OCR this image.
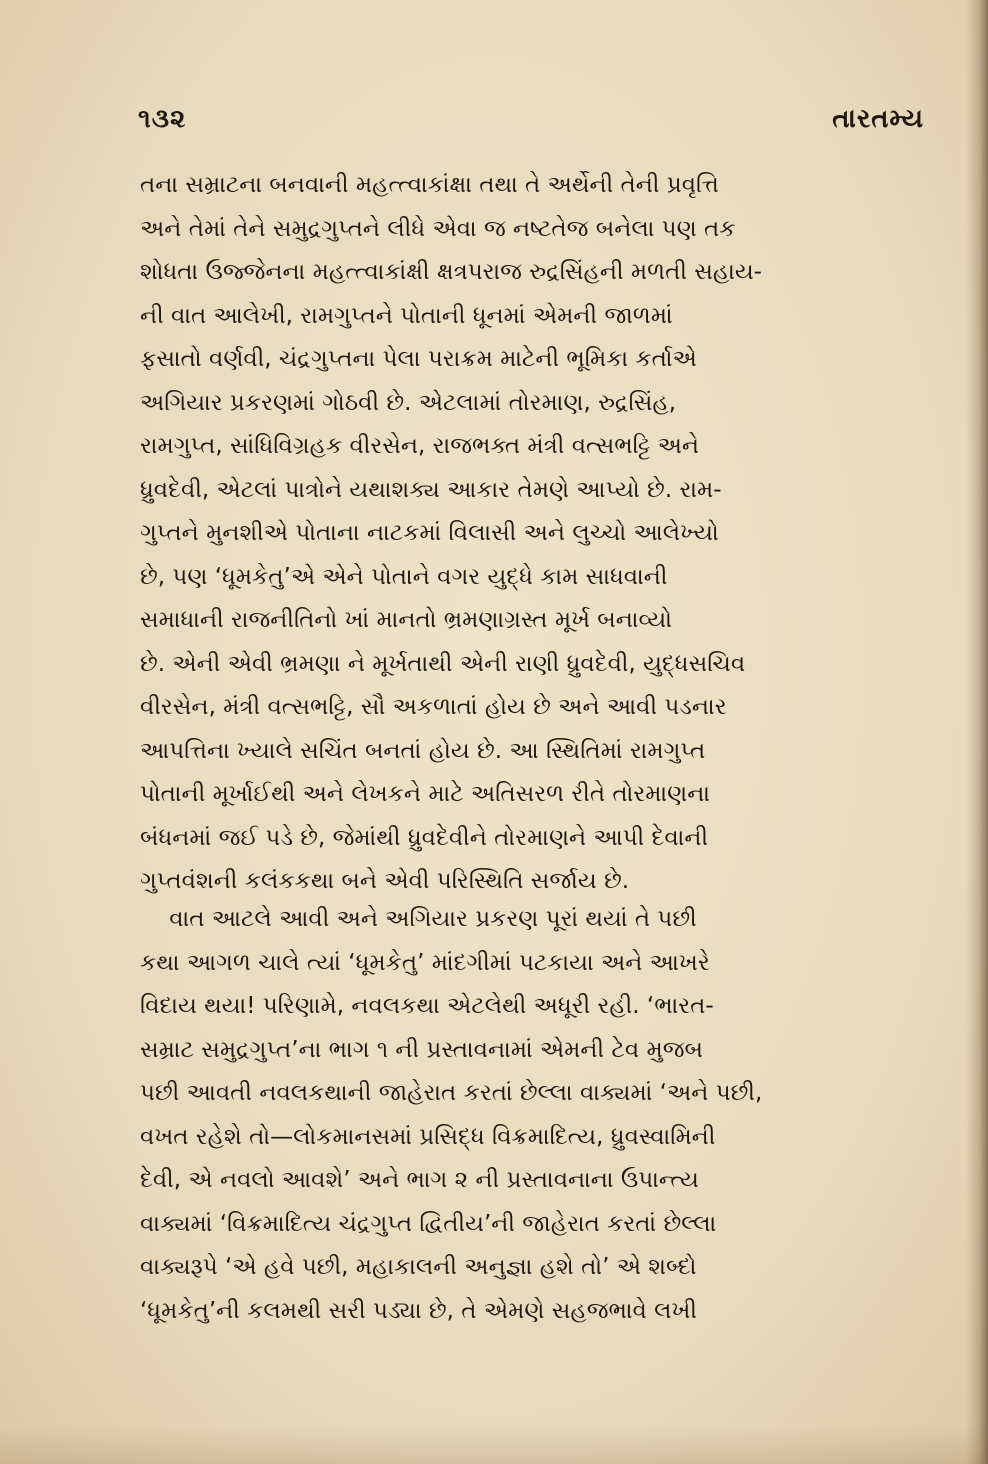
૧૩૨	તારતમ્ય
તના સમ્રાટના બનવાની મહત્ત્વાકાંક્ષા તથા તે અર્થેની તેની પ્રવૃત્તિ
અને તેમાં તેને સમુદ્રગુપ્તને લીધે એવા જ નષ્ટતેજ બનેલા પણ તક
શોધતા ઉજ્જેનના મહત્ત્વાકાંક્ષી ક્ષત્રપરાજ રુદ્રસિંહની મળતી સહાય-
ની વાત આલેખી, રામગુપ્તને પોતાની ધૂનમાં એમની જાળમાં
ફસાતો વર્ણવી, ચંદ્રગુપ્તના પેલા પરાક્રમ માટેની ભૂમિકા કર્તાએ
અગિયાર પ્રકરણમાં ગોઠવી છે. એટલામાં તોરમાણ, રુદ્રસિંહ,
રામગુપ્ત, સાંધિવિગ્રહક વીરસેન, રાજભક્ત મંત્રી વત્સભટ્ટિ અને
ધ્રુવદેવી, એટલાં પાત્રોને યથાશક્ય આકાર તેમણે આપ્યો છે. રામ-
ગુપ્તને મુનશીએ પોતાના નાટકમાં વિલાસી અને લુચ્ચો આલેખ્યો
છે, પણ ‘ધૂમકેતુ’એ એને પોતાને વગર યુદ્ધે કામ સાધવાની
સમાધાની રાજનીતિનો ખાં માનતો ભ્રમણાગ્રસ્ત મૂર્ખ બનાવ્યો
છે. એની એવી ભ્રમણા ને મૂર્ખતાથી એની રાણી ધ્રુવદેવી, યુદ્ધસચિવ
વીરસેન, મંત્રી વત્સભટ્ટિ, સૌ અકળાતાં હોય છે અને આવી પડનાર
આપત્તિના ખ્યાલે સચિંત બનતાં હોય છે. આ સ્થિતિમાં રામગુપ્ત
પોતાની મૂર્ખાઈથી અને લેખકને માટે અતિસરળ રીતે તોરમાણના
બંધનમાં જઈ પડે છે, જેમાંથી ધ્રુવદેવીને તોરમાણને આપી દેવાની
ગુપ્તવંશની કલંકકથા બને એવી પરિસ્થિતિ સર્જાય છે.
વાત આટલે આવી અને અગિયાર પ્રકરણ પૂરાં થયાં તે પછી
કથા આગળ ચાલે ત્યાં ‘ધૂમકેતુ’ માંદગીમાં પટકાયા અને આખરે
વિદાય થયા! પરિણામે, નવલકથા એટલેથી અધૂરી રહી. ‘ભારત-
સમ્રાટ સમુદ્રગુપ્ત’ના ભાગ ૧ ની પ્રસ્તાવનામાં એમની ટેવ મુજબ
પછી આવતી નવલકથાની જાહેરાત કરતાં છેલ્લા વાક્યમાં ‘અને પછી,
વખત રહેશે તો—લોકમાનસમાં પ્રસિદ્ધ વિક્રમાદિત્ય, ધ્રુવસ્વામિની
દેવી, એ નવલો આવશે’ અને ભાગ ૨ ની પ્રસ્તાવનાના ઉપાન્ત્ય
વાક્યમાં ‘વિક્રમાદિત્ય ચંદ્રગુપ્ત દ્વિતીય’ની જાહેરાત કરતાં છેલ્લા
વાક્યરૂપે ‘એ હવે પછી, મહાકાલની અનુજ્ઞા હશે તો’ એ શબ્દો
‘ધૂમકેતુ’ની કલમથી સરી પડ્યા છે, તે એમણે સહજભાવે લખી
